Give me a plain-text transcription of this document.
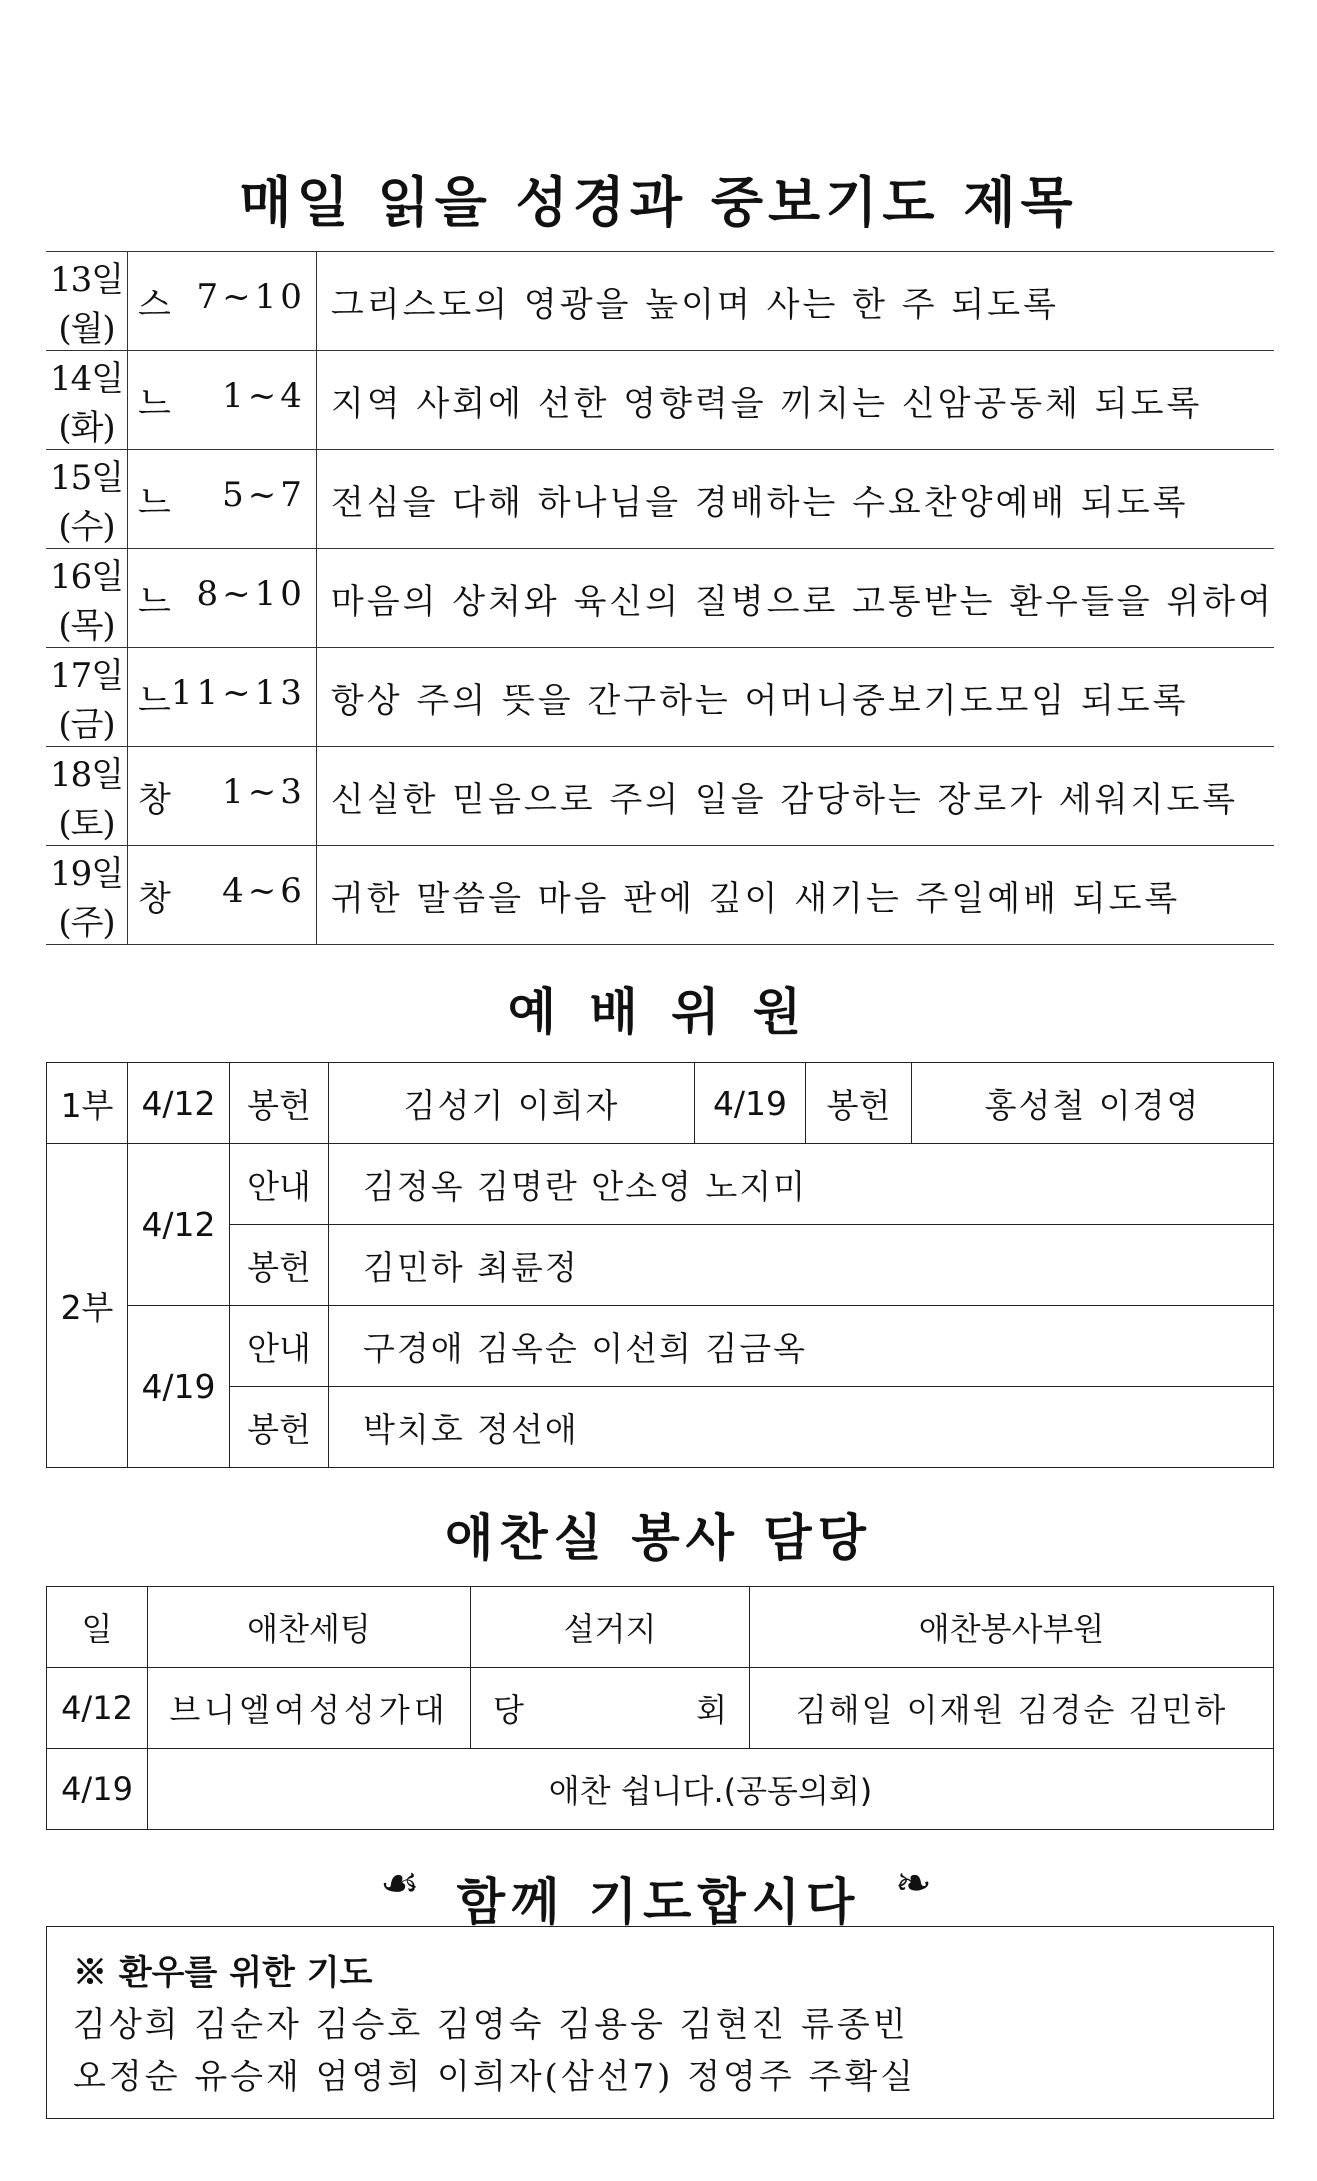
매일 읽을 성경과 중보기도 제목
13일(월)	스 7~10	그리스도의 영광을 높이며 사는 한 주 되도록
14일(화)	느 1~4	지역 사회에 선한 영향력을 끼치는 신암공동체 되도록
15일(수)	느 5~7	전심을 다해 하나님을 경배하는 수요찬양예배 되도록
16일(목)	느 8~10	마음의 상처와 육신의 질병으로 고통받는 환우들을 위하여
17일(금)	느 11~13	항상 주의 뜻을 간구하는 어머니중보기도모임 되도록
18일(토)	창 1~3	신실한 믿음으로 주의 일을 감당하는 장로가 세워지도록
19일(주)	창 4~6	귀한 말씀을 마음 판에 깊이 새기는 주일예배 되도록
예 배 위 원
1부	4/12	봉헌	김성기 이희자	4/19	봉헌	홍성철 이경영
2부	4/12	안내	김정옥 김명란 안소영 노지미			
		봉헌	김민하 최륜정			
	4/19	안내	구경애 김옥순 이선희 김금옥			
		봉헌	박치호 정선애			
애찬실 봉사 담당
일	애찬세팅	설거지	애찬봉사부원
4/12	브니엘여성성가대	당 회	김해일 이재원 김경순 김민하
4/19	애찬 쉽니다.(공동의회)		
☙ 함께 기도합시다 ❧
※ 환우를 위한 기도
김상희 김순자 김승호 김영숙 김용웅 김현진 류종빈
오정순 유승재 엄영희 이희자(삼선7) 정영주 주확실
